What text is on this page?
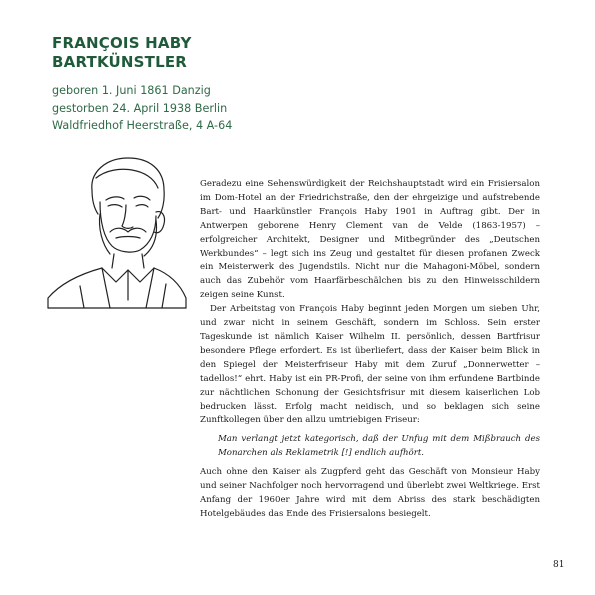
FRANÇOIS HABY
BARTKÜNSTLER
geboren 1. Juni 1861 Danzig
gestorben 24. April 1938 Berlin
Waldfriedhof Heerstraße, 4 A-64

Geradezu eine Sehenswürdigkeit der Reichshauptstadt wird ein Frisiersalon im Dom-Hotel an der Friedrichstraße, den der ehrgeizige und aufstrebende Bart- und Haarkünstler François Haby 1901 in Auftrag gibt. Der in Antwerpen geborene Henry Clement van de Velde (1863-1957) – erfolgreicher Architekt, Designer und Mitbegründer des „Deutschen Werkbundes“ – legt sich ins Zeug und gestaltet für diesen profanen Zweck ein Meisterwerk des Jugendstils. Nicht nur die Mahagoni-Möbel, sondern auch das Zubehör vom Haarfärbeschälchen bis zu den Hinweisschildern zeigen seine Kunst.

Der Arbeitstag von François Haby beginnt jeden Morgen um sieben Uhr, und zwar nicht in seinem Geschäft, sondern im Schloss. Sein erster Tageskunde ist nämlich Kaiser Wilhelm II. persönlich, dessen Bartfrisur besondere Pflege erfordert. Es ist überliefert, dass der Kaiser beim Blick in den Spiegel der Meisterfriseur Haby mit dem Zuruf „Donnerwetter – tadellos!“ ehrt. Haby ist ein PR-Profi, der seine von ihm erfundene Bartbinde zur nächtlichen Schonung der Gesichtsfrisur mit diesem kaiserlichen Lob bedrucken lässt. Erfolg macht neidisch, und so beklagen sich seine Zunftkollegen über den allzu umtriebigen Friseur:

Man verlangt jetzt kategorisch, daß der Unfug mit dem Mißbrauch des Monarchen als Reklametrik [!] endlich aufhört.

Auch ohne den Kaiser als Zugpferd geht das Geschäft von Monsieur Haby und seiner Nachfolger noch hervorragend und überlebt zwei Weltkriege. Erst Anfang der 1960er Jahre wird mit dem Abriss des stark beschädigten Hotelgebäudes das Ende des Frisiersalons besiegelt.

81
